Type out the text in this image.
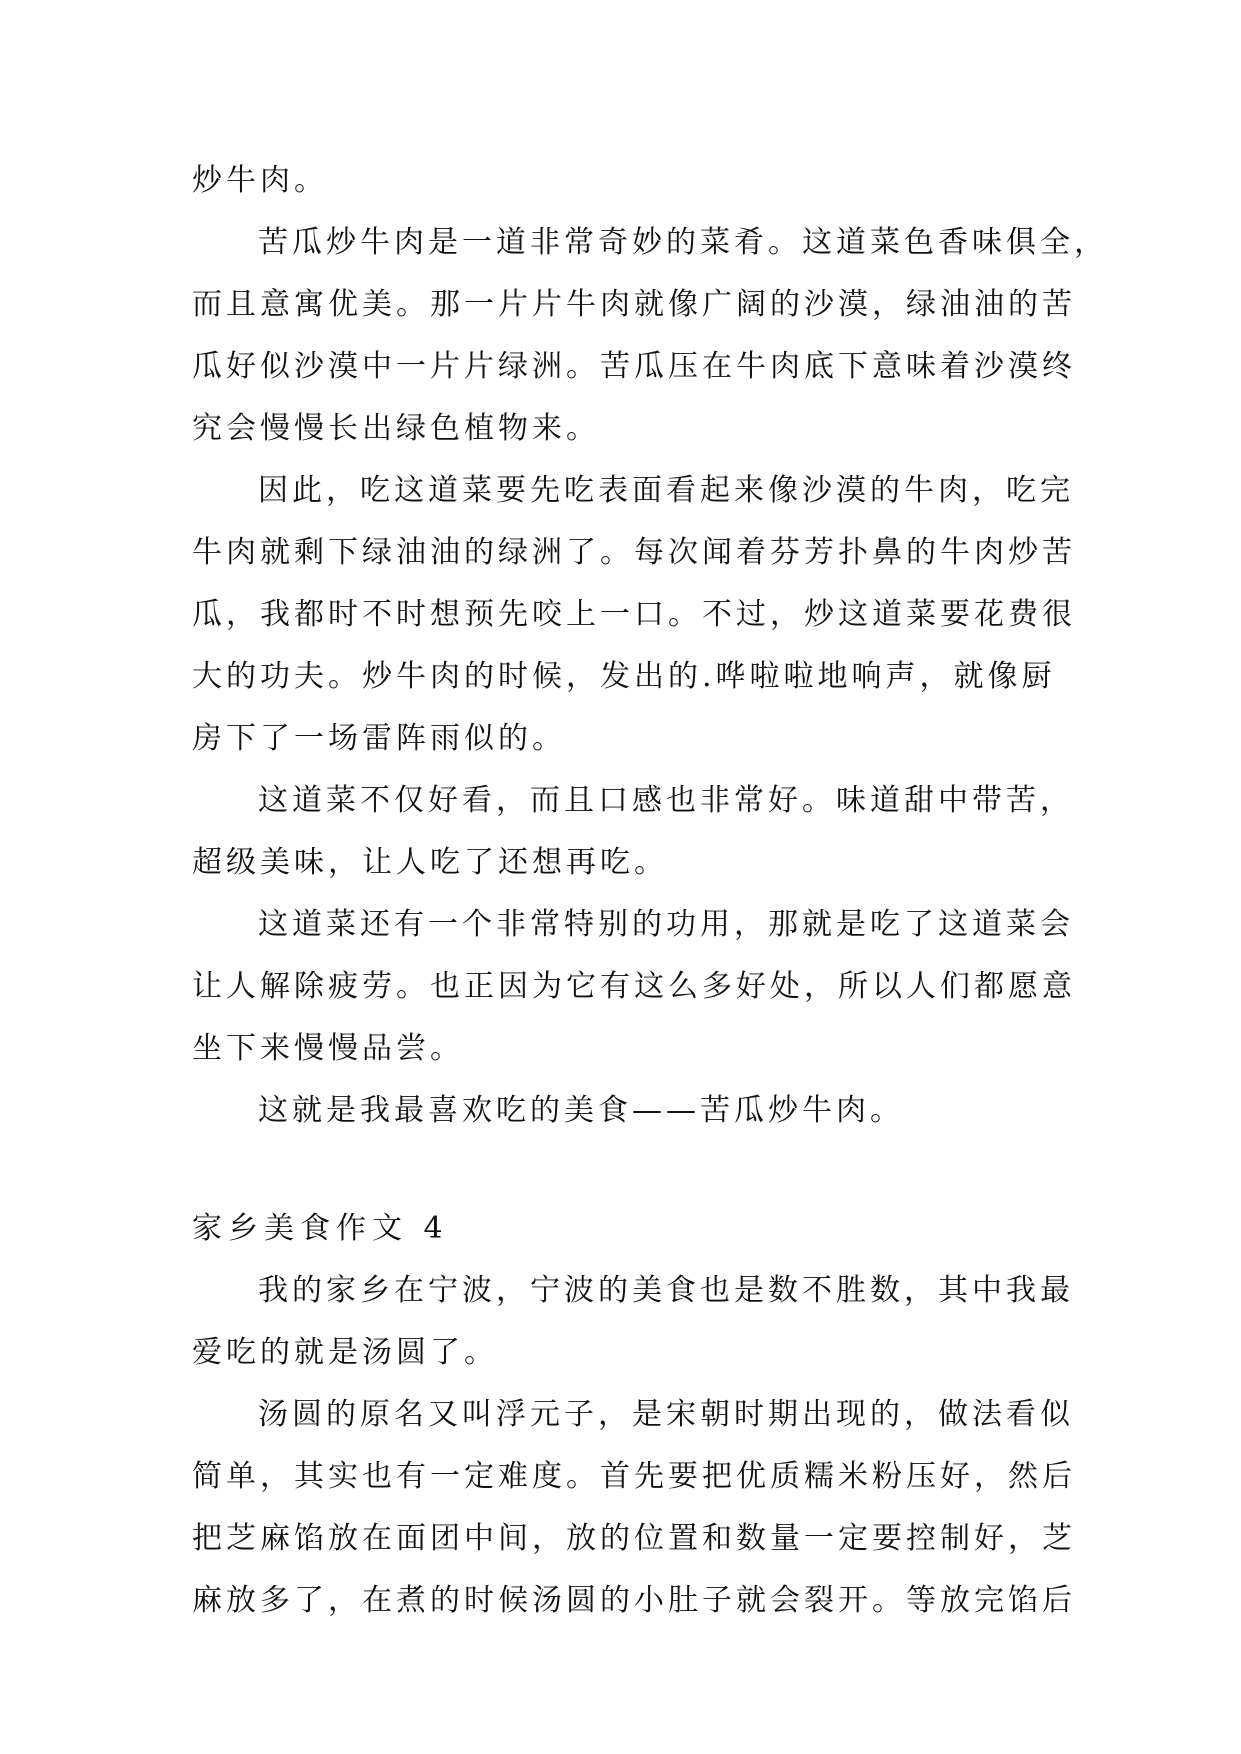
炒牛肉。
苦瓜炒牛肉是一道非常奇妙的菜肴。这道菜色香味俱全，
而且意寓优美。那一片片牛肉就像广阔的沙漠，绿油油的苦
瓜好似沙漠中一片片绿洲。苦瓜压在牛肉底下意味着沙漠终
究会慢慢长出绿色植物来。
因此，吃这道菜要先吃表面看起来像沙漠的牛肉，吃完
牛肉就剩下绿油油的绿洲了。每次闻着芬芳扑鼻的牛肉炒苦
瓜，我都时不时想预先咬上一口。不过，炒这道菜要花费很
大的功夫。炒牛肉的时候，发出的.哗啦啦地响声，就像厨
房下了一场雷阵雨似的。
这道菜不仅好看，而且口感也非常好。味道甜中带苦，
超级美味，让人吃了还想再吃。
这道菜还有一个非常特别的功用，那就是吃了这道菜会
让人解除疲劳。也正因为它有这么多好处，所以人们都愿意
坐下来慢慢品尝。
这就是我最喜欢吃的美食——苦瓜炒牛肉。
家乡美食作文 4
我的家乡在宁波，宁波的美食也是数不胜数，其中我最
爱吃的就是汤圆了。
汤圆的原名又叫浮元子，是宋朝时期出现的，做法看似
简单，其实也有一定难度。首先要把优质糯米粉压好，然后
把芝麻馅放在面团中间，放的位置和数量一定要控制好，芝
麻放多了，在煮的时候汤圆的小肚子就会裂开。等放完馅后
